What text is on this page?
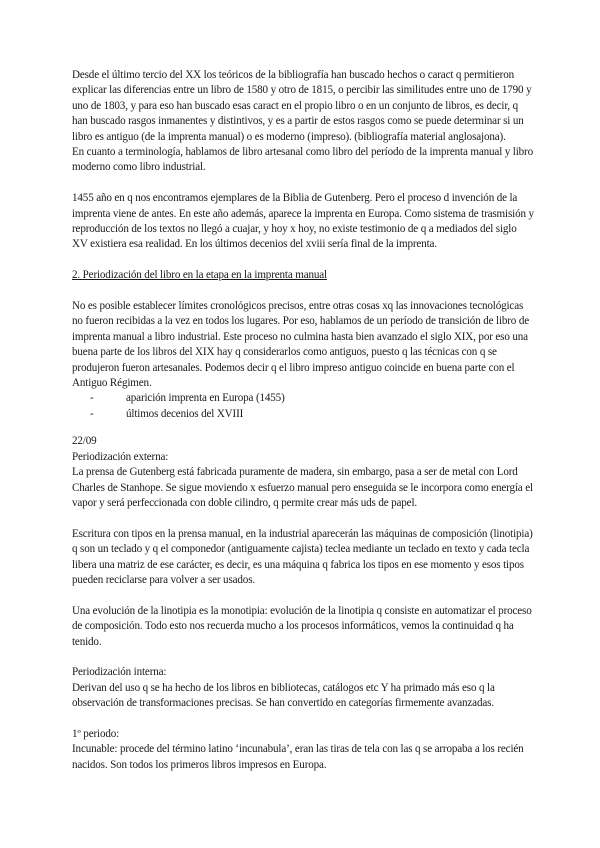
Desde el último tercio del XX los teóricos de la bibliografía han buscado hechos o caract q permitieron explicar las diferencias entre un libro de 1580 y otro de 1815, o percibir las similitudes entre uno de 1790 y uno de 1803, y para eso han buscado esas caract en el propio libro o en un conjunto de libros, es decir, q han buscado rasgos inmanentes y distintivos, y es a partir de estos rasgos como se puede determinar si un libro es antiguo (de la imprenta manual) o es moderno (impreso). (bibliografía material anglosajona).

En cuanto a terminología, hablamos de libro artesanal como libro del período de la imprenta manual y libro moderno como libro industrial.

1455 año en q nos encontramos ejemplares de la Biblia de Gutenberg. Pero el proceso d invención de la imprenta viene de antes. En este año además, aparece la imprenta en Europa. Como sistema de trasmisión y reproducción de los textos no llegó a cuajar, y hoy x hoy, no existe testimonio de q a mediados del siglo XV existiera esa realidad. En los últimos decenios del xviii sería final de la imprenta.

2. Periodización del libro en la etapa en la imprenta manual

No es posible establecer límites cronológicos precisos, entre otras cosas xq las innovaciones tecnológicas no fueron recibidas a la vez en todos los lugares. Por eso, hablamos de un período de transición de libro de imprenta manual a libro industrial. Este proceso no culmina hasta bien avanzado el siglo XIX, por eso una buena parte de los libros del XIX hay q considerarlos como antiguos, puesto q las técnicas con q se produjeron fueron artesanales. Podemos decir q el libro impreso antiguo coincide en buena parte con el Antiguo Régimen.

-	aparición imprenta en Europa (1455)
-	últimos decenios del XVIII

22/09

Periodización externa:

La prensa de Gutenberg está fabricada puramente de madera, sin embargo, pasa a ser de metal con Lord Charles de Stanhope. Se sigue moviendo x esfuerzo manual pero enseguida se le incorpora como energía el vapor y será perfeccionada con doble cilindro, q permite crear más uds de papel.

Escritura con tipos en la prensa manual, en la industrial aparecerán las máquinas de composición (linotipia) q son un teclado y q el componedor (antiguamente cajista) teclea mediante un teclado en texto y cada tecla libera una matriz de ese carácter, es decir, es una máquina q fabrica los tipos en ese momento y esos tipos pueden reciclarse para volver a ser usados.

Una evolución de la linotipia es la monotipia: evolución de la linotipia q consiste en automatizar el proceso de composición. Todo esto nos recuerda mucho a los procesos informáticos, vemos la continuidad q ha tenido.

Periodización interna:

Derivan del uso q se ha hecho de los libros en bibliotecas, catálogos etc Y ha primado más eso q la observación de transformaciones precisas. Se han convertido en categorías firmemente avanzadas.

1º periodo:

Incunable: procede del término latino ‘incunabula’, eran las tiras de tela con las q se arropaba a los recién nacidos. Son todos los primeros libros impresos en Europa.
